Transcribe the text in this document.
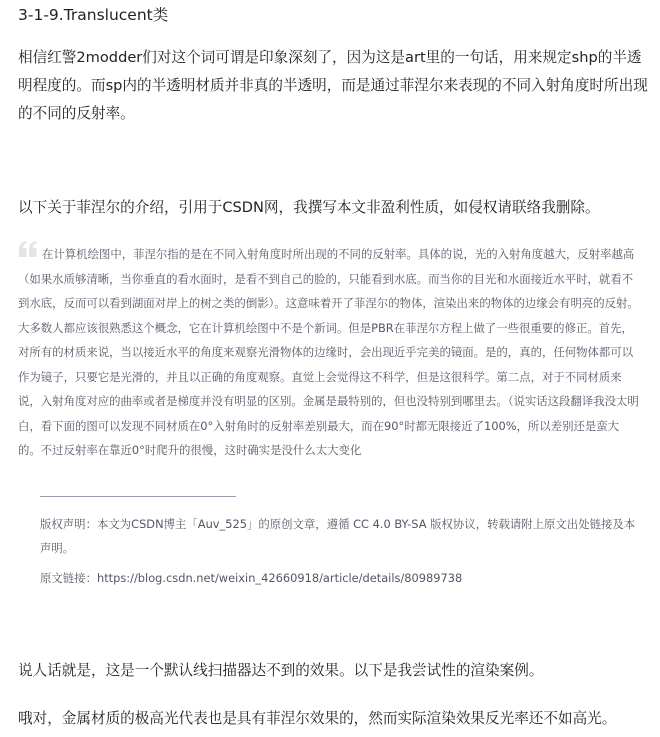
3-1-9.Translucent类

相信红警2modder们对这个词可谓是印象深刻了，因为这是art里的一句话，用来规定shp的半透明程度的。而sp内的半透明材质并非真的半透明，而是通过菲涅尔来表现的不同入射角度时所出现的不同的反射率。

以下关于菲涅尔的介绍，引用于CSDN网，我撰写本文非盈利性质，如侵权请联络我删除。

在计算机绘图中，菲涅尔指的是在不同入射角度时所出现的不同的反射率。具体的说，光的入射角度越大，反射率越高（如果水质够清晰，当你垂直的看水面时，是看不到自己的脸的，只能看到水底。而当你的目光和水面接近水平时，就看不到水底，反而可以看到湖面对岸上的树之类的倒影）。这意味着开了菲涅尔的物体，渲染出来的物体的边缘会有明亮的反射。大多数人都应该很熟悉这个概念，它在计算机绘图中不是个新词。但是PBR在菲涅尔方程上做了一些很重要的修正。首先，对所有的材质来说，当以接近水平的角度来观察光滑物体的边缘时，会出现近乎完美的镜面。是的，真的，任何物体都可以作为镜子，只要它是光滑的，并且以正确的角度观察。直觉上会觉得这不科学，但是这很科学。第二点，对于不同材质来说，入射角度对应的曲率或者是梯度并没有明显的区别。金属是最特别的，但也没特别到哪里去。（说实话这段翻译我没太明白，看下面的图可以发现不同材质在0°入射角时的反射率差别最大，而在90°时都无限接近了100%，所以差别还是蛮大的。不过反射率在靠近0°时爬升的很慢，这时确实是没什么太大变化

版权声明：本文为CSDN博主「Auv_525」的原创文章，遵循 CC 4.0 BY-SA 版权协议，转载请附上原文出处链接及本声明。

原文链接：https://blog.csdn.net/weixin_42660918/article/details/80989738

说人话就是，这是一个默认线扫描器达不到的效果。以下是我尝试性的渲染案例。

哦对，金属材质的极高光代表也是具有菲涅尔效果的，然而实际渲染效果反光率还不如高光。
